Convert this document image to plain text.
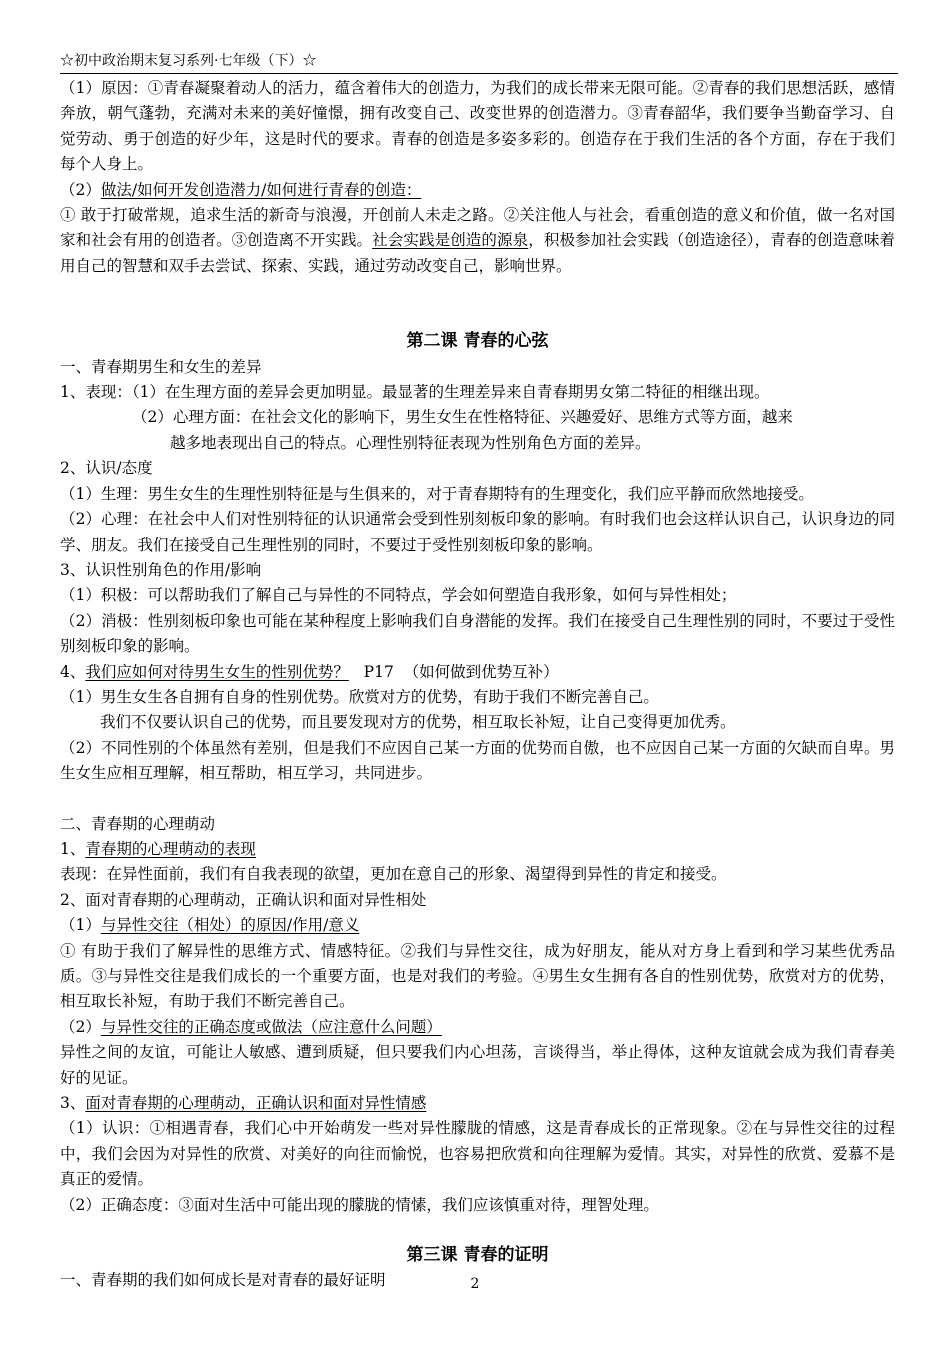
☆初中政治期末复习系列·七年级（下）☆

（1）原因：①青春凝聚着动人的活力，蕴含着伟大的创造力，为我们的成长带来无限可能。②青春的我们思想活跃，感情奔放，朝气蓬勃，充满对未来的美好憧憬，拥有改变自己、改变世界的创造潜力。③青春韶华，我们要争当勤奋学习、自觉劳动、勇于创造的好少年，这是时代的要求。青春的创造是多姿多彩的。创造存在于我们生活的各个方面，存在于我们每个人身上。

（2）做法/如何开发创造潜力/如何进行青春的创造：

① 敢于打破常规，追求生活的新奇与浪漫，开创前人未走之路。②关注他人与社会，看重创造的意义和价值，做一名对国家和社会有用的创造者。③创造离不开实践。社会实践是创造的源泉，积极参加社会实践（创造途径），青春的创造意味着用自己的智慧和双手去尝试、探索、实践，通过劳动改变自己，影响世界。

第二课 青春的心弦

一、青春期男生和女生的差异

1、表现：（1）在生理方面的差异会更加明显。最显著的生理差异来自青春期男女第二特征的相继出现。

（2）心理方面：在社会文化的影响下，男生女生在性格特征、兴趣爱好、思维方式等方面，越来

越多地表现出自己的特点。心理性别特征表现为性别角色方面的差异。

2、认识/态度

（1）生理：男生女生的生理性别特征是与生俱来的，对于青春期特有的生理变化，我们应平静而欣然地接受。

（2）心理：在社会中人们对性别特征的认识通常会受到性别刻板印象的影响。有时我们也会这样认识自己，认识身边的同学、朋友。我们在接受自己生理性别的同时，不要过于受性别刻板印象的影响。

3、认识性别角色的作用/影响

（1）积极：可以帮助我们了解自己与异性的不同特点，学会如何塑造自我形象，如何与异性相处；

（2）消极：性别刻板印象也可能在某种程度上影响我们自身潜能的发挥。我们在接受自己生理性别的同时，不要过于受性别刻板印象的影响。

4、我们应如何对待男生女生的性别优势？   P17  （如何做到优势互补）

（1）男生女生各自拥有自身的性别优势。欣赏对方的优势，有助于我们不断完善自己。

我们不仅要认识自己的优势，而且要发现对方的优势，相互取长补短，让自己变得更加优秀。

（2）不同性别的个体虽然有差别，但是我们不应因自己某一方面的优势而自傲，也不应因自己某一方面的欠缺而自卑。男生女生应相互理解，相互帮助，相互学习，共同进步。

二、青春期的心理萌动

1、青春期的心理萌动的表现

表现：在异性面前，我们有自我表现的欲望，更加在意自己的形象、渴望得到异性的肯定和接受。

2、面对青春期的心理萌动，正确认识和面对异性相处

（1）与异性交往（相处）的原因/作用/意义

① 有助于我们了解异性的思维方式、情感特征。②我们与异性交往，成为好朋友，能从对方身上看到和学习某些优秀品质。③与异性交往是我们成长的一个重要方面，也是对我们的考验。④男生女生拥有各自的性别优势，欣赏对方的优势，相互取长补短，有助于我们不断完善自己。

（2）与异性交往的正确态度或做法（应注意什么问题）

异性之间的友谊，可能让人敏感、遭到质疑，但只要我们内心坦荡，言谈得当，举止得体，这种友谊就会成为我们青春美好的见证。

3、面对青春期的心理萌动，正确认识和面对异性情感

（1）认识：①相遇青春，我们心中开始萌发一些对异性朦胧的情感，这是青春成长的正常现象。②在与异性交往的过程中，我们会因为对异性的欣赏、对美好的向往而愉悦，也容易把欣赏和向往理解为爱情。其实，对异性的欣赏、爱慕不是真正的爱情。

（2）正确态度：③面对生活中可能出现的朦胧的情愫，我们应该慎重对待，理智处理。

第三课 青春的证明

一、青春期的我们如何成长是对青春的最好证明	2
